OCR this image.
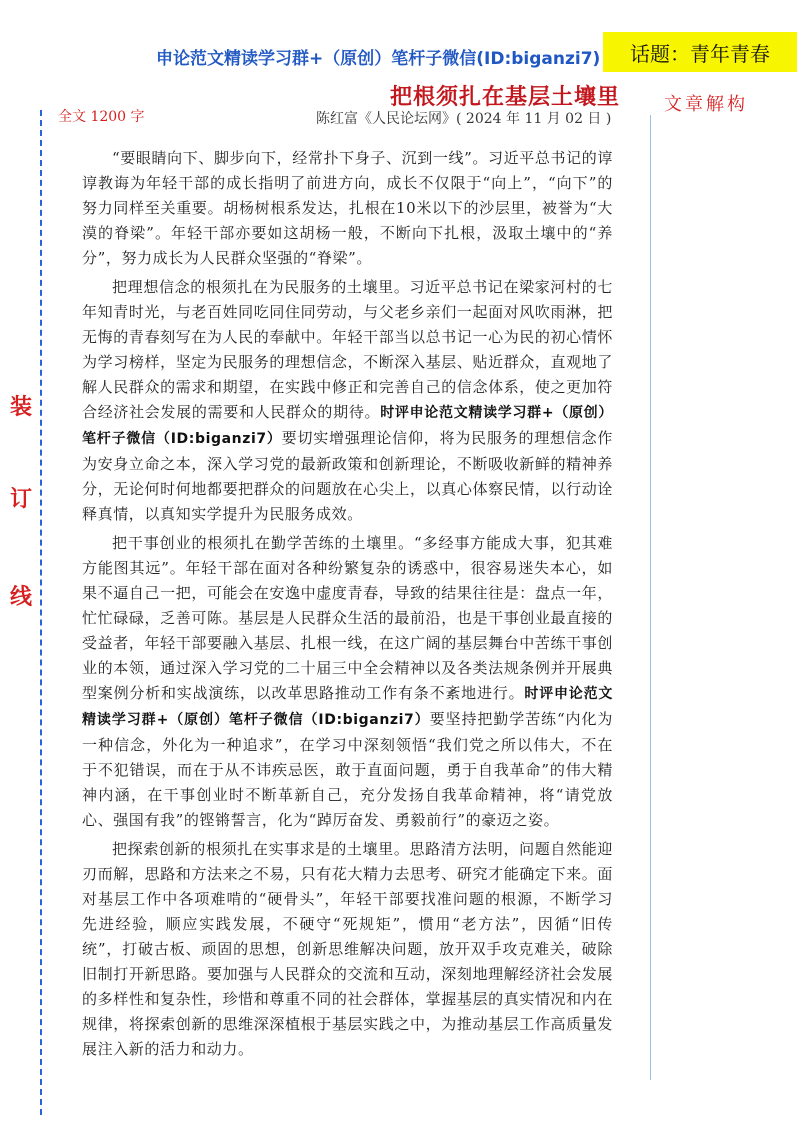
申论范文精读学习群+（原创）笔杆子微信(ID:biganzi7)	话题：青年青春
把根须扎在基层土壤里
陈红富《人民论坛网》( 2024 年 11 月 02 日 )
全文 1200 字
文章解构
装
订
线

“要眼睛向下、脚步向下，经常扑下身子、沉到一线”。习近平总书记的谆谆教诲为年轻干部的成长指明了前进方向，成长不仅限于“向上”，“向下”的努力同样至关重要。胡杨树根系发达，扎根在10米以下的沙层里，被誉为“大漠的脊梁”。年轻干部亦要如这胡杨一般，不断向下扎根，汲取土壤中的“养分”，努力成长为人民群众坚强的“脊梁”。

把理想信念的根须扎在为民服务的土壤里。习近平总书记在梁家河村的七年知青时光，与老百姓同吃同住同劳动，与父老乡亲们一起面对风吹雨淋，把无悔的青春刻写在为人民的奉献中。年轻干部当以总书记一心为民的初心情怀为学习榜样，坚定为民服务的理想信念，不断深入基层、贴近群众，直观地了解人民群众的需求和期望，在实践中修正和完善自己的信念体系，使之更加符合经济社会发展的需要和人民群众的期待。时评申论范文精读学习群+（原创）笔杆子微信（ID:biganzi7）要切实增强理论信仰，将为民服务的理想信念作为安身立命之本，深入学习党的最新政策和创新理论，不断吸收新鲜的精神养分，无论何时何地都要把群众的问题放在心尖上，以真心体察民情，以行动诠释真情，以真知实学提升为民服务成效。

把干事创业的根须扎在勤学苦练的土壤里。“多经事方能成大事，犯其难方能图其远”。年轻干部在面对各种纷繁复杂的诱惑中，很容易迷失本心，如果不逼自己一把，可能会在安逸中虚度青春，导致的结果往往是：盘点一年，忙忙碌碌，乏善可陈。基层是人民群众生活的最前沿，也是干事创业最直接的受益者，年轻干部要融入基层、扎根一线，在这广阔的基层舞台中苦练干事创业的本领，通过深入学习党的二十届三中全会精神以及各类法规条例并开展典型案例分析和实战演练，以改革思路推动工作有条不紊地进行。时评申论范文精读学习群+（原创）笔杆子微信（ID:biganzi7）要坚持把勤学苦练“内化为一种信念，外化为一种追求”，在学习中深刻领悟“我们党之所以伟大，不在于不犯错误，而在于从不讳疾忌医，敢于直面问题，勇于自我革命”的伟大精神内涵，在干事创业时不断革新自己，充分发扬自我革命精神，将“请党放心、强国有我”的铿锵誓言，化为“踔厉奋发、勇毅前行”的豪迈之姿。

把探索创新的根须扎在实事求是的土壤里。思路清方法明，问题自然能迎刃而解，思路和方法来之不易，只有花大精力去思考、研究才能确定下来。面对基层工作中各项难啃的“硬骨头”，年轻干部要找准问题的根源，不断学习先进经验，顺应实践发展，不硬守“死规矩”，惯用“老方法”，因循“旧传统”，打破古板、顽固的思想，创新思维解决问题，放开双手攻克难关，破除旧制打开新思路。要加强与人民群众的交流和互动，深刻地理解经济社会发展的多样性和复杂性，珍惜和尊重不同的社会群体，掌握基层的真实情况和内在规律，将探索创新的思维深深植根于基层实践之中，为推动基层工作高质量发展注入新的活力和动力。
